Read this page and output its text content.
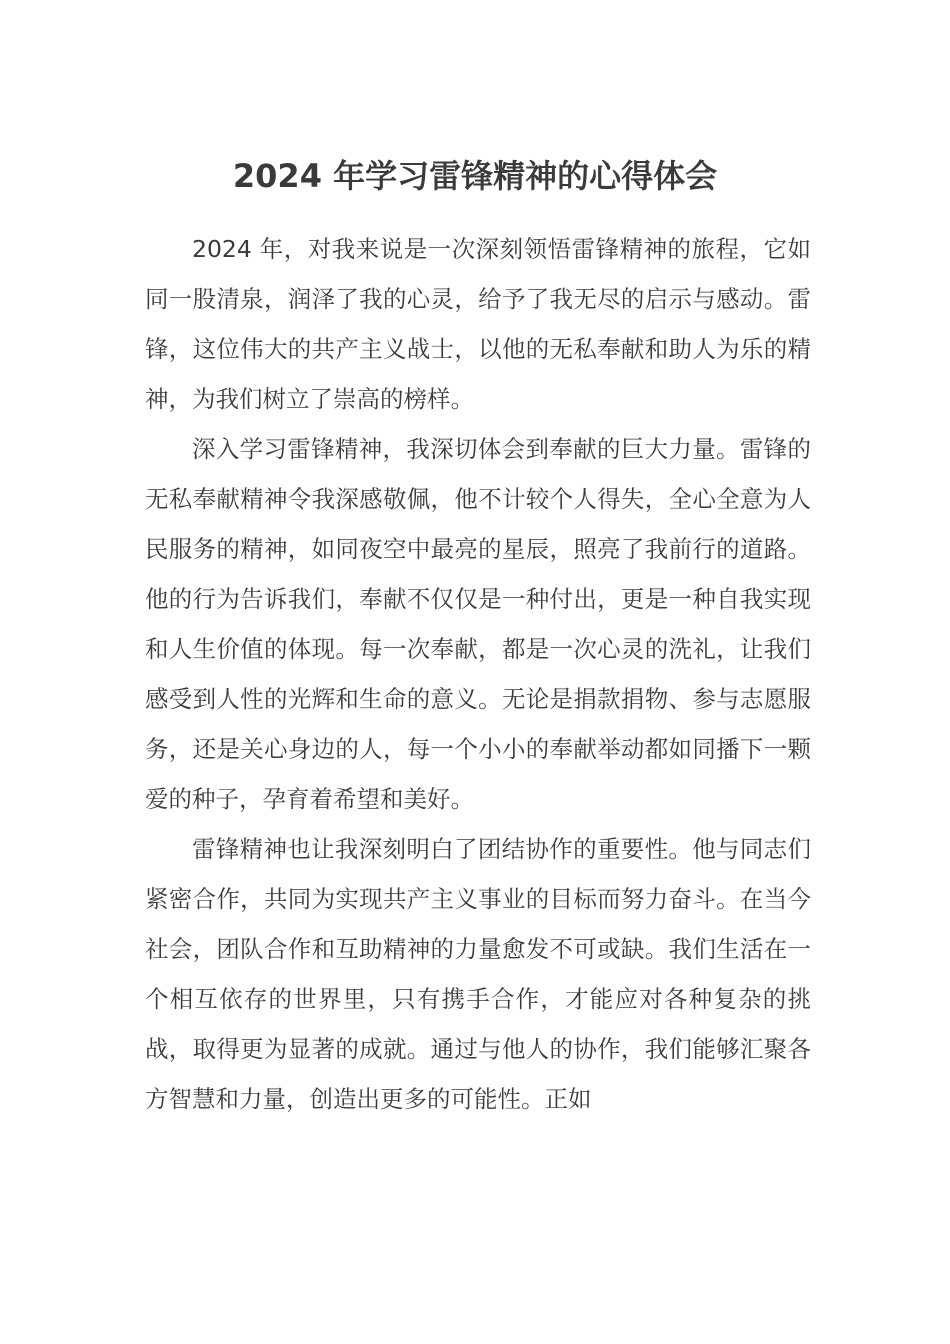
2024 年学习雷锋精神的心得体会

2024 年，对我来说是一次深刻领悟雷锋精神的旅程，它如同一股清泉，润泽了我的心灵，给予了我无尽的启示与感动。雷锋，这位伟大的共产主义战士，以他的无私奉献和助人为乐的精神，为我们树立了崇高的榜样。

深入学习雷锋精神，我深切体会到奉献的巨大力量。雷锋的无私奉献精神令我深感敬佩，他不计较个人得失，全心全意为人民服务的精神，如同夜空中最亮的星辰，照亮了我前行的道路。他的行为告诉我们，奉献不仅仅是一种付出，更是一种自我实现和人生价值的体现。每一次奉献，都是一次心灵的洗礼，让我们感受到人性的光辉和生命的意义。无论是捐款捐物、参与志愿服务，还是关心身边的人，每一个小小的奉献举动都如同播下一颗爱的种子，孕育着希望和美好。

雷锋精神也让我深刻明白了团结协作的重要性。他与同志们紧密合作，共同为实现共产主义事业的目标而努力奋斗。在当今社会，团队合作和互助精神的力量愈发不可或缺。我们生活在一个相互依存的世界里，只有携手合作，才能应对各种复杂的挑战，取得更为显著的成就。通过与他人的协作，我们能够汇聚各方智慧和力量，创造出更多的可能性。正如
